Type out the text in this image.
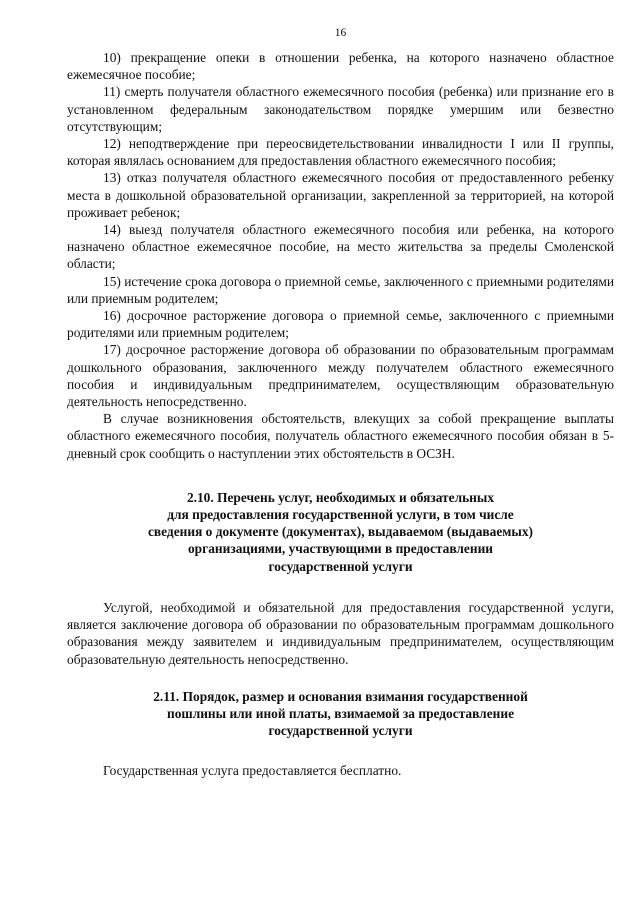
16

10) прекращение опеки в отношении ребенка, на которого назначено областное ежемесячное пособие;

11) смерть получателя областного ежемесячного пособия (ребенка) или признание его в установленном федеральным законодательством порядке умершим или безвестно отсутствующим;

12) неподтверждение при переосвидетельствовании инвалидности I или II группы, которая являлась основанием для предоставления областного ежемесячного пособия;

13) отказ получателя областного ежемесячного пособия от предоставленного ребенку места в дошкольной образовательной организации, закрепленной за территорией, на которой проживает ребенок;

14) выезд получателя областного ежемесячного пособия или ребенка, на которого назначено областное ежемесячное пособие, на место жительства за пределы Смоленской области;

15) истечение срока договора о приемной семье, заключенного с приемными родителями или приемным родителем;

16) досрочное расторжение договора о приемной семье, заключенного с приемными родителями или приемным родителем;

17) досрочное расторжение договора об образовании по образовательным программам дошкольного образования, заключенного между получателем областного ежемесячного пособия и индивидуальным предпринимателем, осуществляющим образовательную деятельность непосредственно.

В случае возникновения обстоятельств, влекущих за собой прекращение выплаты областного ежемесячного пособия, получатель областного ежемесячного пособия обязан в 5-дневный срок сообщить о наступлении этих обстоятельств в ОСЗН.

2.10. Перечень услуг, необходимых и обязательных
для предоставления государственной услуги, в том числе
сведения о документе (документах), выдаваемом (выдаваемых)
организациями, участвующими в предоставлении
государственной услуги

Услугой, необходимой и обязательной для предоставления государственной услуги, является заключение договора об образовании по образовательным программам дошкольного образования между заявителем и индивидуальным предпринимателем, осуществляющим образовательную деятельность непосредственно.

2.11. Порядок, размер и основания взимания государственной
пошлины или иной платы, взимаемой за предоставление
государственной услуги

Государственная услуга предоставляется бесплатно.
